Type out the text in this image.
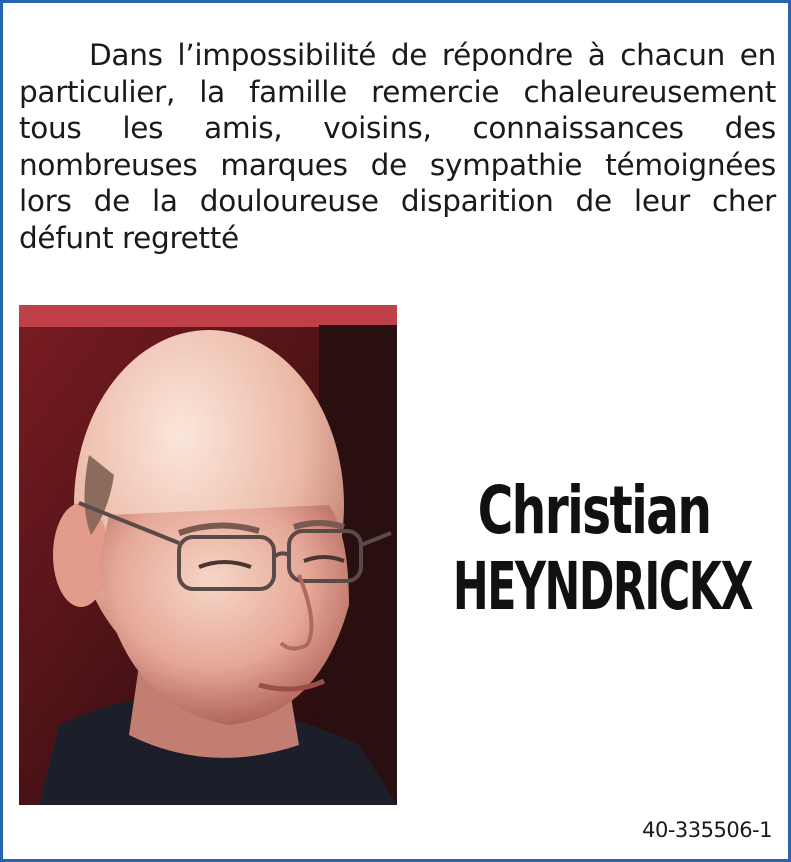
Dans l’impossibilité de répondre à chacun en particulier, la famille remercie chaleureusement tous les amis, voisins, connaissances des nombreuses marques de sympathie témoignées lors de la douloureuse disparition de leur cher défunt regretté

Christian
HEYNDRICKX
40-335506-1
